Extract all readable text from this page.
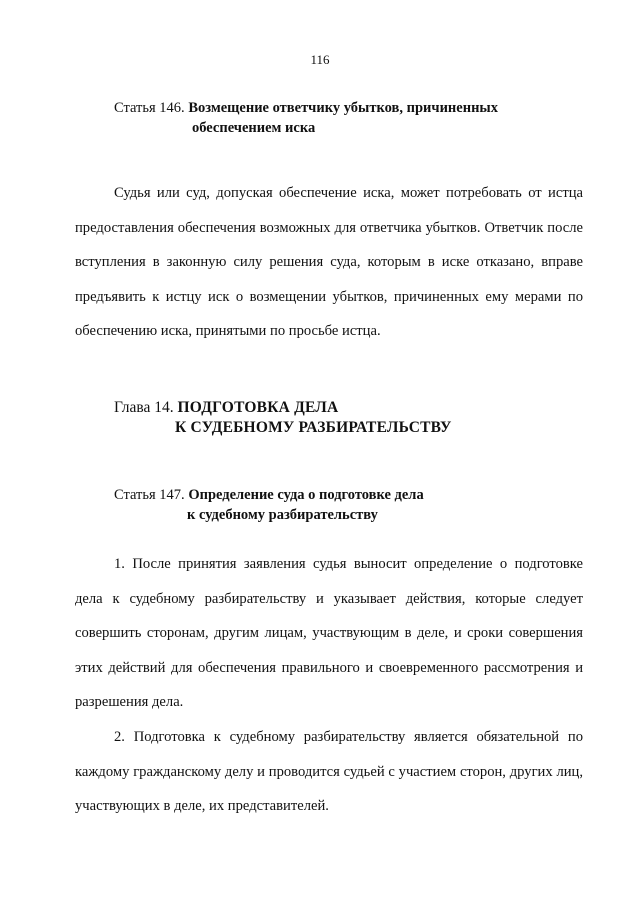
116
Статья 146. Возмещение ответчику убытков, причиненных
обеспечением иска

Судья или суд, допуская обеспечение иска, может потребовать от истца предоставления обеспечения возможных для ответчика убытков. Ответчик после вступления в законную силу решения суда, которым в иске отказано, вправе предъявить к истцу иск о возмещении убытков, причиненных ему мерами по обеспечению иска, принятыми по просьбе истца.

Глава 14. ПОДГОТОВКА ДЕЛА
К СУДЕБНОМУ РАЗБИРАТЕЛЬСТВУ
Статья 147. Определение суда о подготовке дела
к судебному разбирательству

1. После принятия заявления судья выносит определение о подготовке дела к судебному разбирательству и указывает действия, которые следует совершить сторонам, другим лицам, участвующим в деле, и сроки совершения этих действий для обеспечения правильного и своевременного рассмотрения и разрешения дела.

2. Подготовка к судебному разбирательству является обязательной по каждому гражданскому делу и проводится судьей с участием сторон, других лиц, участвующих в деле, их представителей.
